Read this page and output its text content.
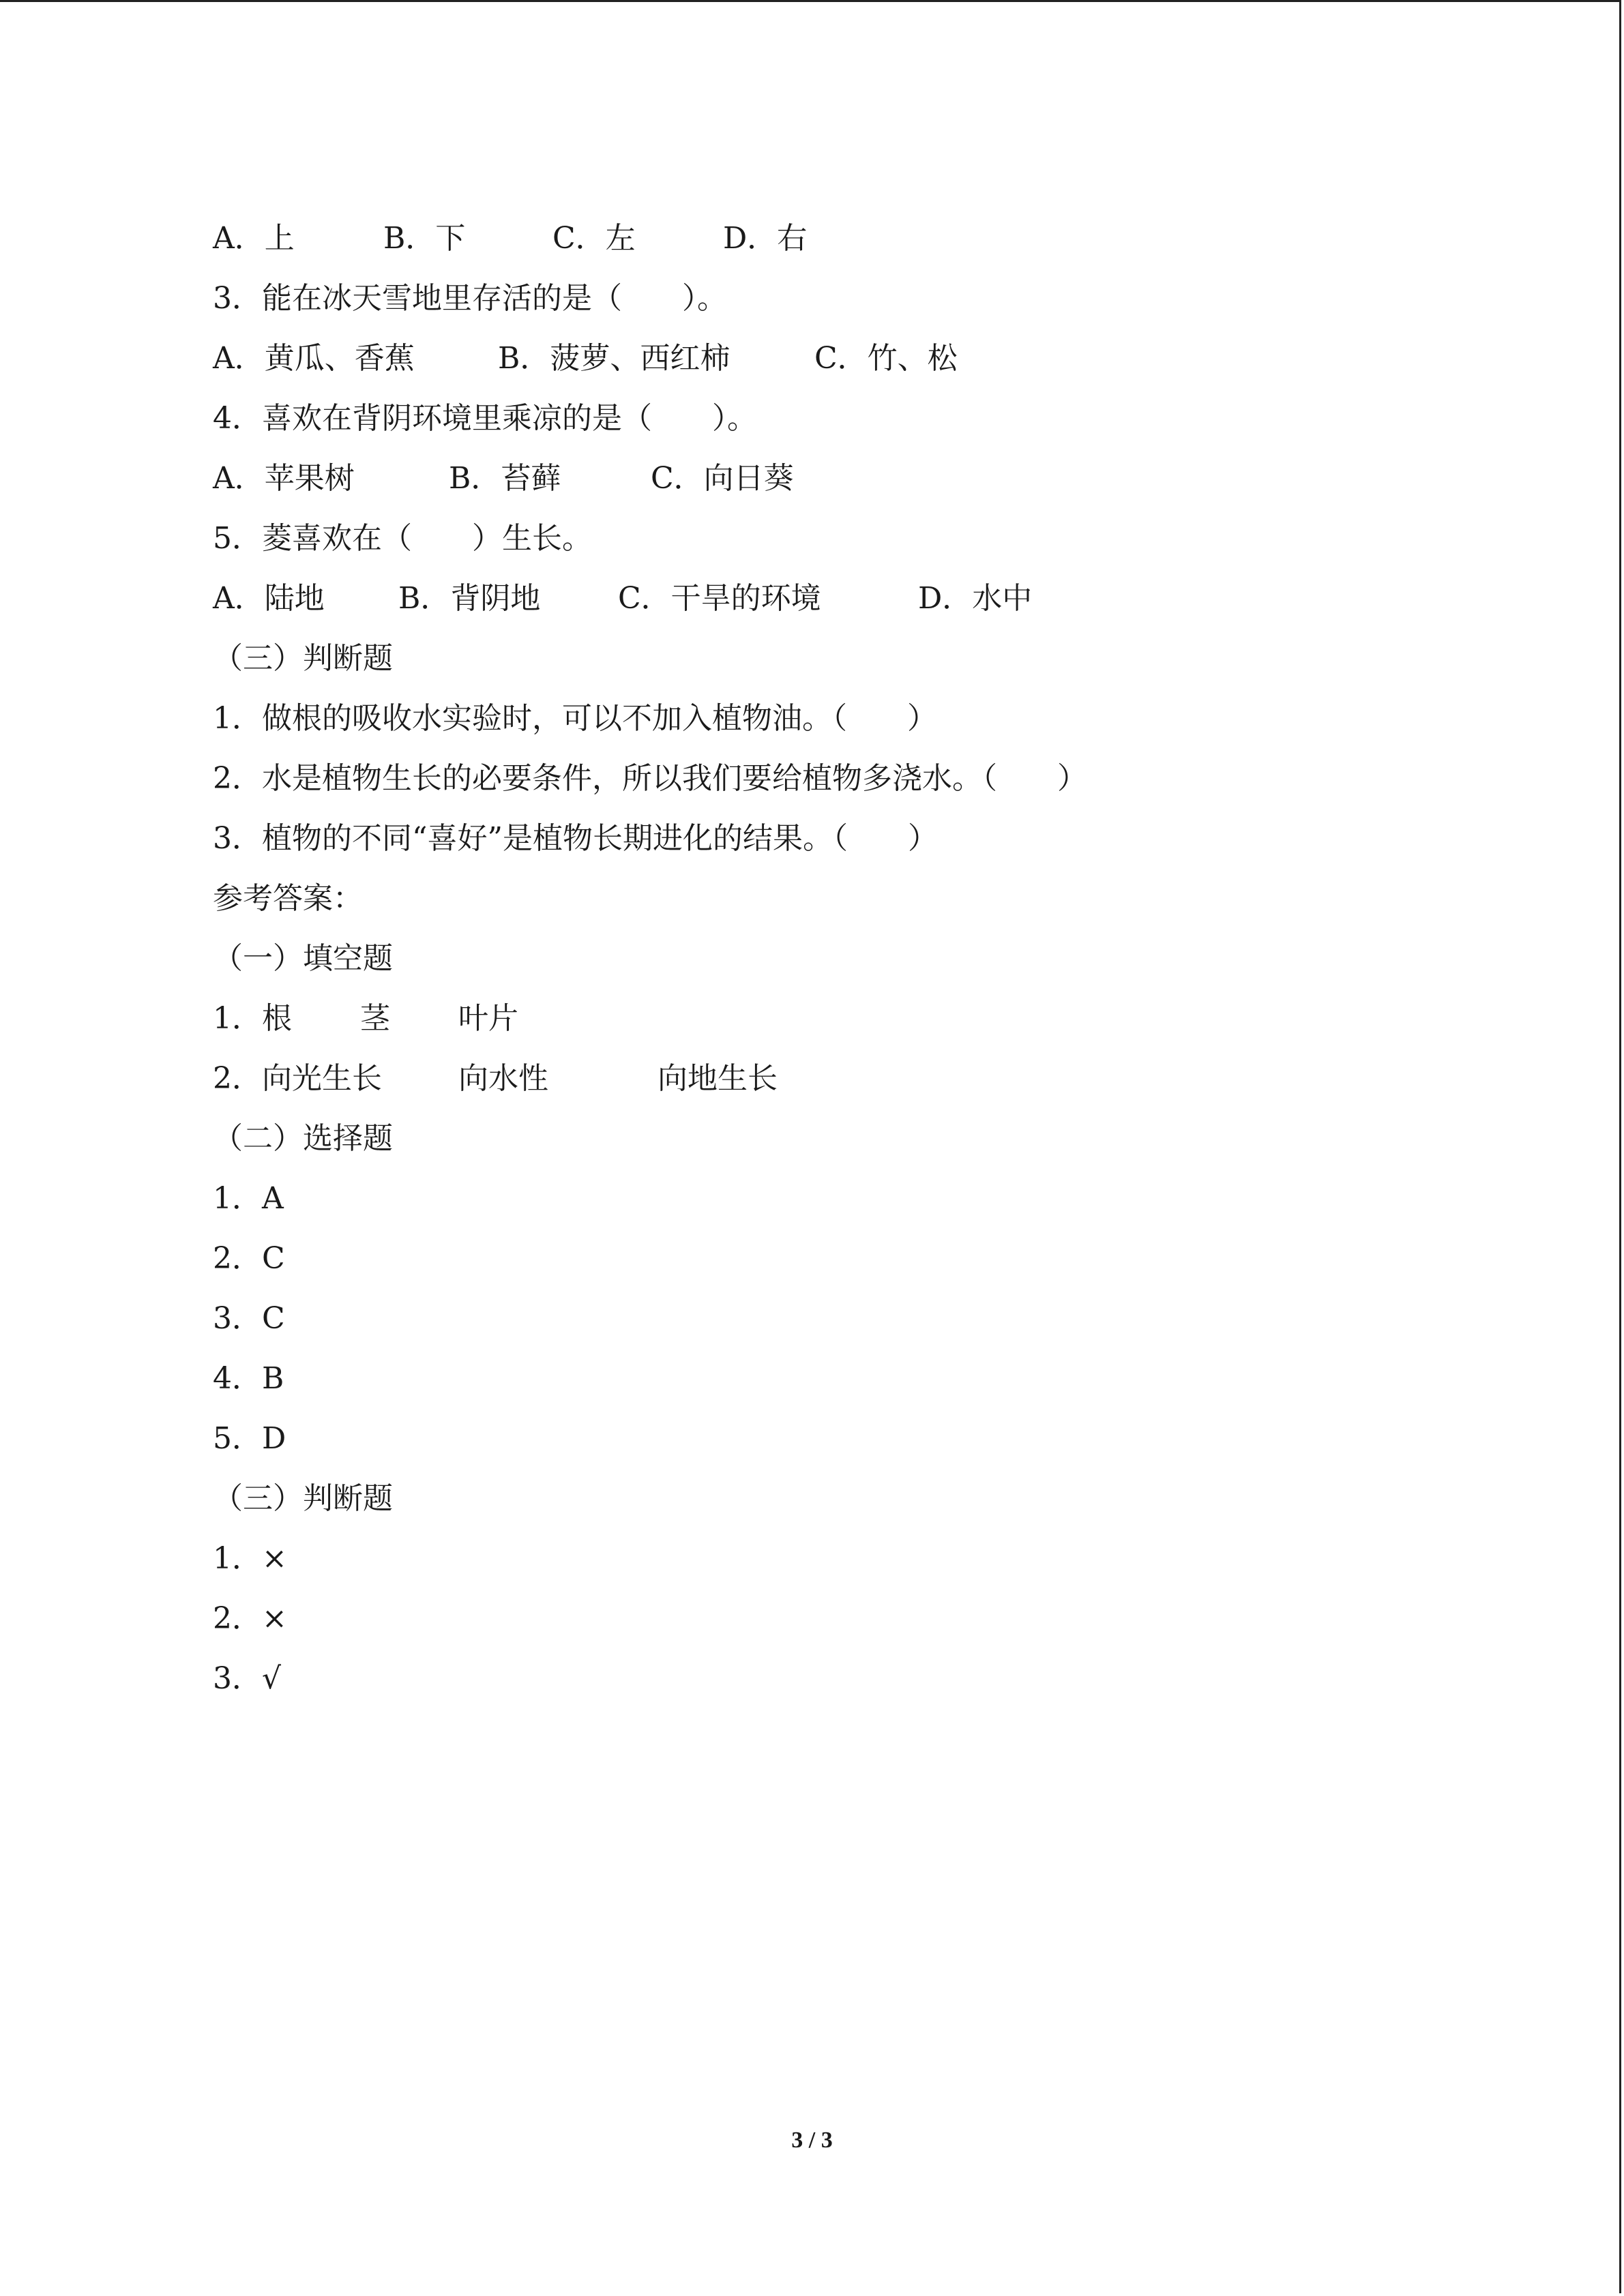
A．上	B．下	C．左	D．右
3．能在冰天雪地里存活的是（　　）。
A．黄瓜、香蕉	B．菠萝、西红柿	C．竹、松
4．喜欢在背阴环境里乘凉的是（　　）。
A．苹果树	B．苔藓	C．向日葵
5．菱喜欢在（　　）生长。
A．陆地 B．背阴地	C．干旱的环境	D．水中
（三）判断题
1．做根的吸收水实验时，可以不加入植物油。（　　）
2．水是植物生长的必要条件，所以我们要给植物多浇水。（　　）
3．植物的不同“喜好”是植物长期进化的结果。（　　）
参考答案：
（一）填空题
1．根 茎 叶片
2．向光生长	向水性	向地生长
（二）选择题
1．A
2．C
3．C
4．B
5．D
（三）判断题
1．×
2．×
3．√
3 / 3
